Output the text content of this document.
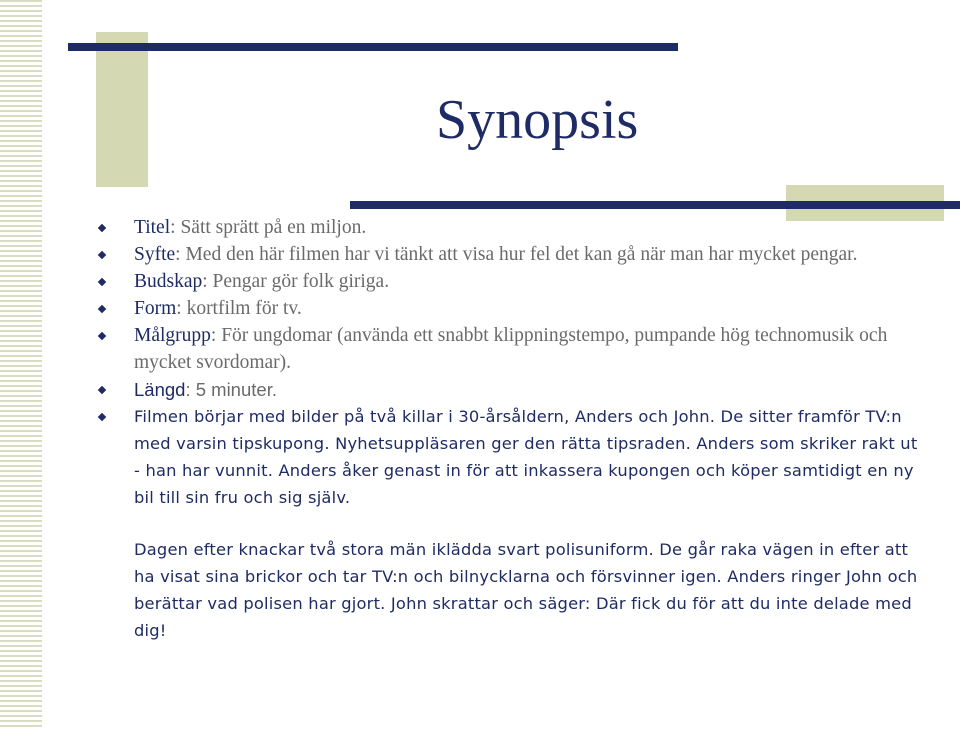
Synopsis
Titel: Sätt sprätt på en miljon.
Syfte: Med den här filmen har vi tänkt att visa hur fel det kan gå när man har mycket pengar.
Budskap: Pengar gör folk giriga.
Form: kortfilm för tv.
Målgrupp: För ungdomar (använda ett snabbt klippningstempo, pumpande hög technomusik och mycket svordomar).
Längd: 5 minuter.
Filmen börjar med bilder på två killar i 30-årsåldern, Anders och John. De sitter framför TV:n med varsin tipskupong. Nyhetsuppläsaren ger den rätta tipsraden. Anders som skriker rakt ut - han har vunnit. Anders åker genast in för att inkassera kupongen och köper samtidigt en ny bil till sin fru och sig själv.

Dagen efter knackar två stora män iklädda svart polisuniform. De går raka vägen in efter att ha visat sina brickor och tar TV:n och bilnycklarna och försvinner igen. Anders ringer John och berättar vad polisen har gjort. John skrattar och säger: Där fick du för att du inte delade med dig!
